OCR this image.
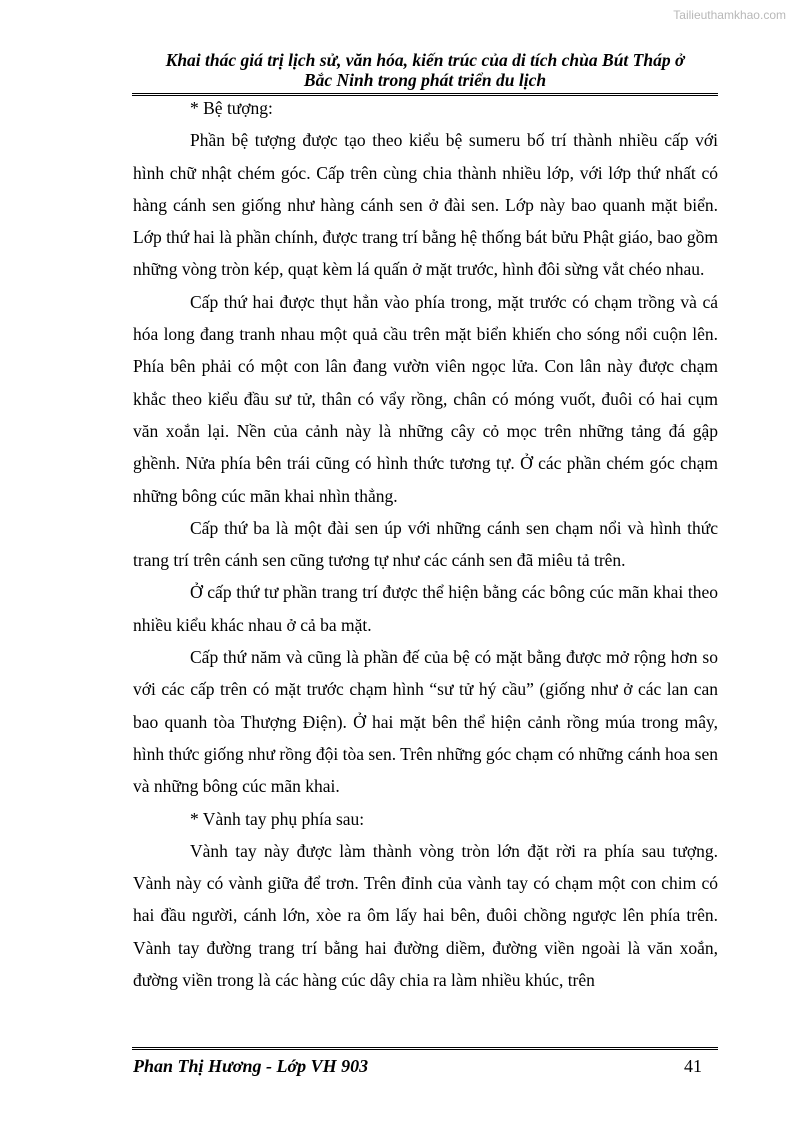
Tailieuthamkhao.com
Khai thác giá trị lịch sử, văn hóa, kiến trúc của di tích chùa Bút Tháp ở
Bắc Ninh trong phát triển du lịch

* Bệ tượng:

Phần bệ tượng được tạo theo kiểu bệ sumeru bố trí thành nhiều cấp với hình chữ nhật chém góc. Cấp trên cùng chia thành nhiều lớp, với lớp thứ nhất có hàng cánh sen giống như hàng cánh sen ở đài sen. Lớp này bao quanh mặt biển. Lớp thứ hai là phần chính, được trang trí bằng hệ thống bát bửu Phật giáo, bao gồm những vòng tròn kép, quạt kèm lá quấn ở mặt trước, hình đôi sừng vắt chéo nhau.

Cấp thứ hai được thụt hẳn vào phía trong, mặt trước có chạm trồng và cá hóa long đang tranh nhau một quả cầu trên mặt biển khiến cho sóng nổi cuộn lên. Phía bên phải có một con lân đang vườn viên ngọc lửa. Con lân này được chạm khắc theo kiểu đầu sư tử, thân có vẩy rồng, chân có móng vuốt, đuôi có hai cụm văn xoắn lại. Nền của cảnh này là những cây cỏ mọc trên những tảng đá gập ghềnh. Nửa phía bên trái cũng có hình thức tương tự. Ở các phần chém góc chạm những bông cúc mãn khai nhìn thẳng.

Cấp thứ ba là một đài sen úp với những cánh sen chạm nổi và hình thức trang trí trên cánh sen cũng tương tự như các cánh sen đã miêu tả trên.

Ở cấp thứ tư phần trang trí được thể hiện bằng các bông cúc mãn khai theo nhiều kiểu khác nhau ở cả ba mặt.

Cấp thứ năm và cũng là phần đế của bệ có mặt bằng được mở rộng hơn so với các cấp trên có mặt trước chạm hình “sư tử hý cầu” (giống như ở các lan can bao quanh tòa Thượng Điện). Ở hai mặt bên thể hiện cảnh rồng múa trong mây, hình thức giống như rồng đội tòa sen. Trên những góc chạm có những cánh hoa sen và những bông cúc mãn khai.

* Vành tay phụ phía sau:

Vành tay này được làm thành vòng tròn lớn đặt rời ra phía sau tượng. Vành này có vành giữa để trơn. Trên đỉnh của vành tay có chạm một con chim có hai đầu người, cánh lớn, xòe ra ôm lấy hai bên, đuôi chồng ngược lên phía trên. Vành tay đường trang trí bằng hai đường diềm, đường viền ngoài là văn xoắn, đường viền trong là các hàng cúc dây chia ra làm nhiều khúc, trên

Phan Thị Hương - Lớp VH 903	41
